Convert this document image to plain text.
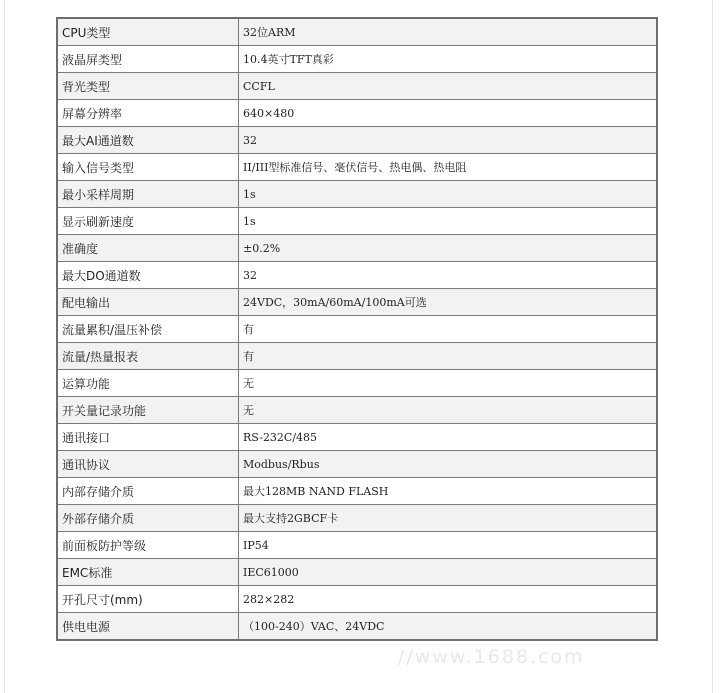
CPU类型	32位ARM
液晶屏类型	10.4英寸TFT真彩
背光类型	CCFL
屏幕分辨率	640×480
最大AI通道数	32
输入信号类型	II/III型标准信号、毫伏信号、热电偶、热电阻
最小采样周期	1s
显示刷新速度	1s
准确度	±0.2%
最大DO通道数	32
配电输出	24VDC，30mA/60mA/100mA可选
流量累积/温压补偿	有
流量/热量报表	有
运算功能	无
开关量记录功能	无
通讯接口	RS-232C/485
通讯协议	Modbus/Rbus
内部存储介质	最大128MB NAND FLASH
外部存储介质	最大支持2GBCF卡
前面板防护等级	IP54
EMC标准	IEC61000
开孔尺寸(mm)	282×282
供电电源	（100-240）VAC、24VDC
//www.1688.com
